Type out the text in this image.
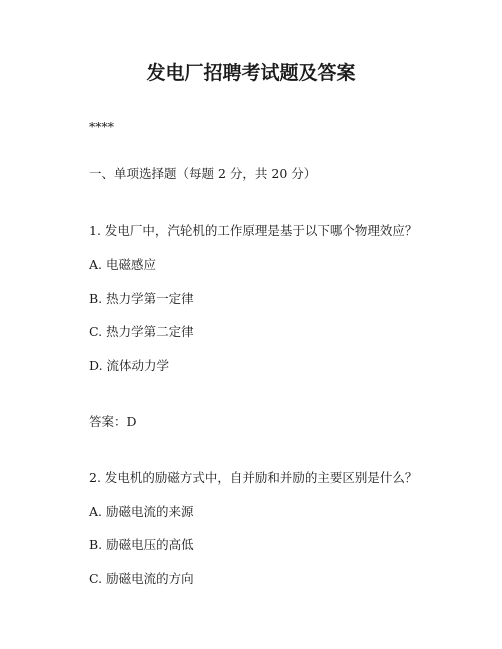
发电厂招聘考试题及答案
****
一、单项选择题（每题 2 分，共 20 分）
1. 发电厂中，汽轮机的工作原理是基于以下哪个物理效应？
A. 电磁感应
B. 热力学第一定律
C. 热力学第二定律
D. 流体动力学
答案：D
2. 发电机的励磁方式中，自并励和并励的主要区别是什么？
A. 励磁电流的来源
B. 励磁电压的高低
C. 励磁电流的方向
